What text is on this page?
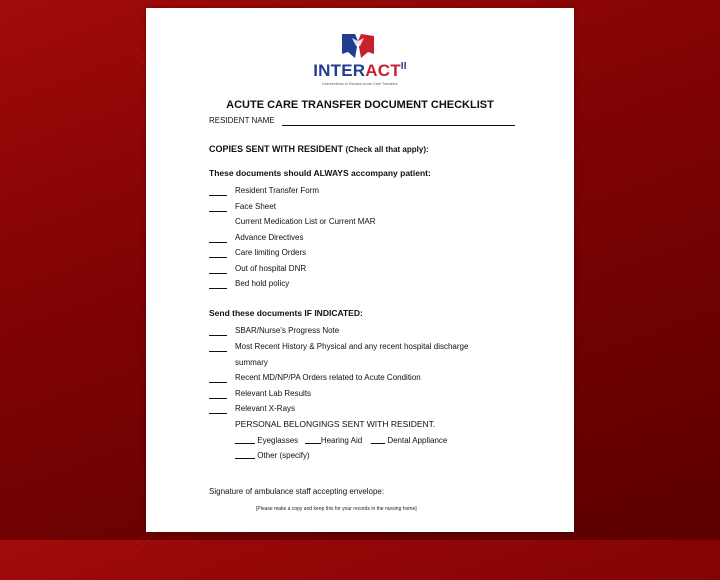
$INTERACT^{II}$
Interventions to Reduce Acute Care Transfers
ACUTE CARE TRANSFER DOCUMENT CHECKLIST
RESIDENT NAME
COPIES SENT WITH RESIDENT (Check all that apply):
These documents should ALWAYS accompany patient:
Resident Transfer Form
Face Sheet
Current Medication List or Current MAR
Advance Directives
Care limiting Orders
Out of hospital DNR
Bed hold policy
Send these documents IF INDICATED:
SBAR/Nurse's Progress Note
Most Recent History & Physical and any recent hospital discharge
summary
Recent MD/NP/PA Orders related to Acute Condition
Relevant Lab Results
Relevant X-Rays
PERSONAL BELONGINGS SENT WITH RESIDENT.
Eyeglasses	Hearing Aid	Dental Appliance
Other (specify)
Signature of ambulance staff accepting envelope:
[Please make a copy and keep this for your records in the nursing home]
